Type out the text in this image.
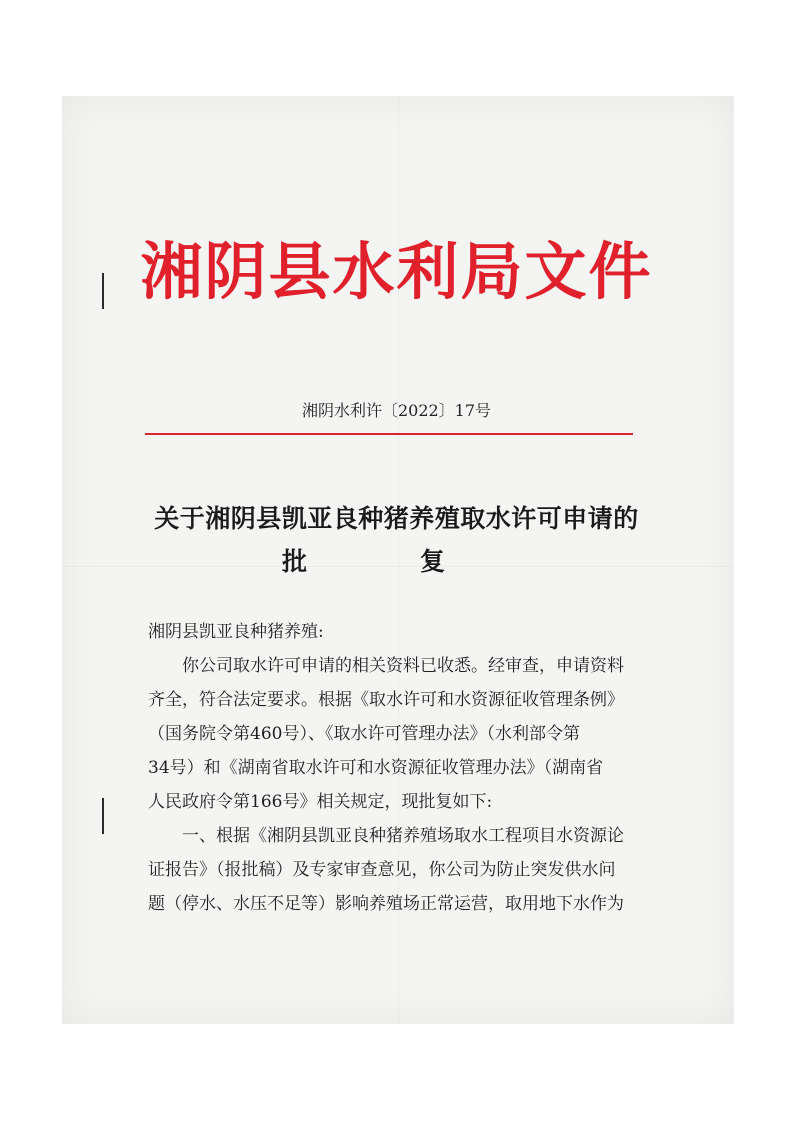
湘阴县水利局文件
湘阴水利许〔2022〕17号
关于湘阴县凯亚良种猪养殖取水许可申请的
批	复
湘阴县凯亚良种猪养殖:
　　你公司取水许可申请的相关资料已收悉。经审查，申请资料
齐全，符合法定要求。根据《取水许可和水资源征收管理条例》
（国务院令第460号）、《取水许可管理办法》（水利部令第
34号）和《湖南省取水许可和水资源征收管理办法》（湖南省
人民政府令第166号》相关规定，现批复如下:
　　一、根据《湘阴县凯亚良种猪养殖场取水工程项目水资源论
证报告》（报批稿）及专家审查意见，你公司为防止突发供水问
题（停水、水压不足等）影响养殖场正常运营，取用地下水作为
